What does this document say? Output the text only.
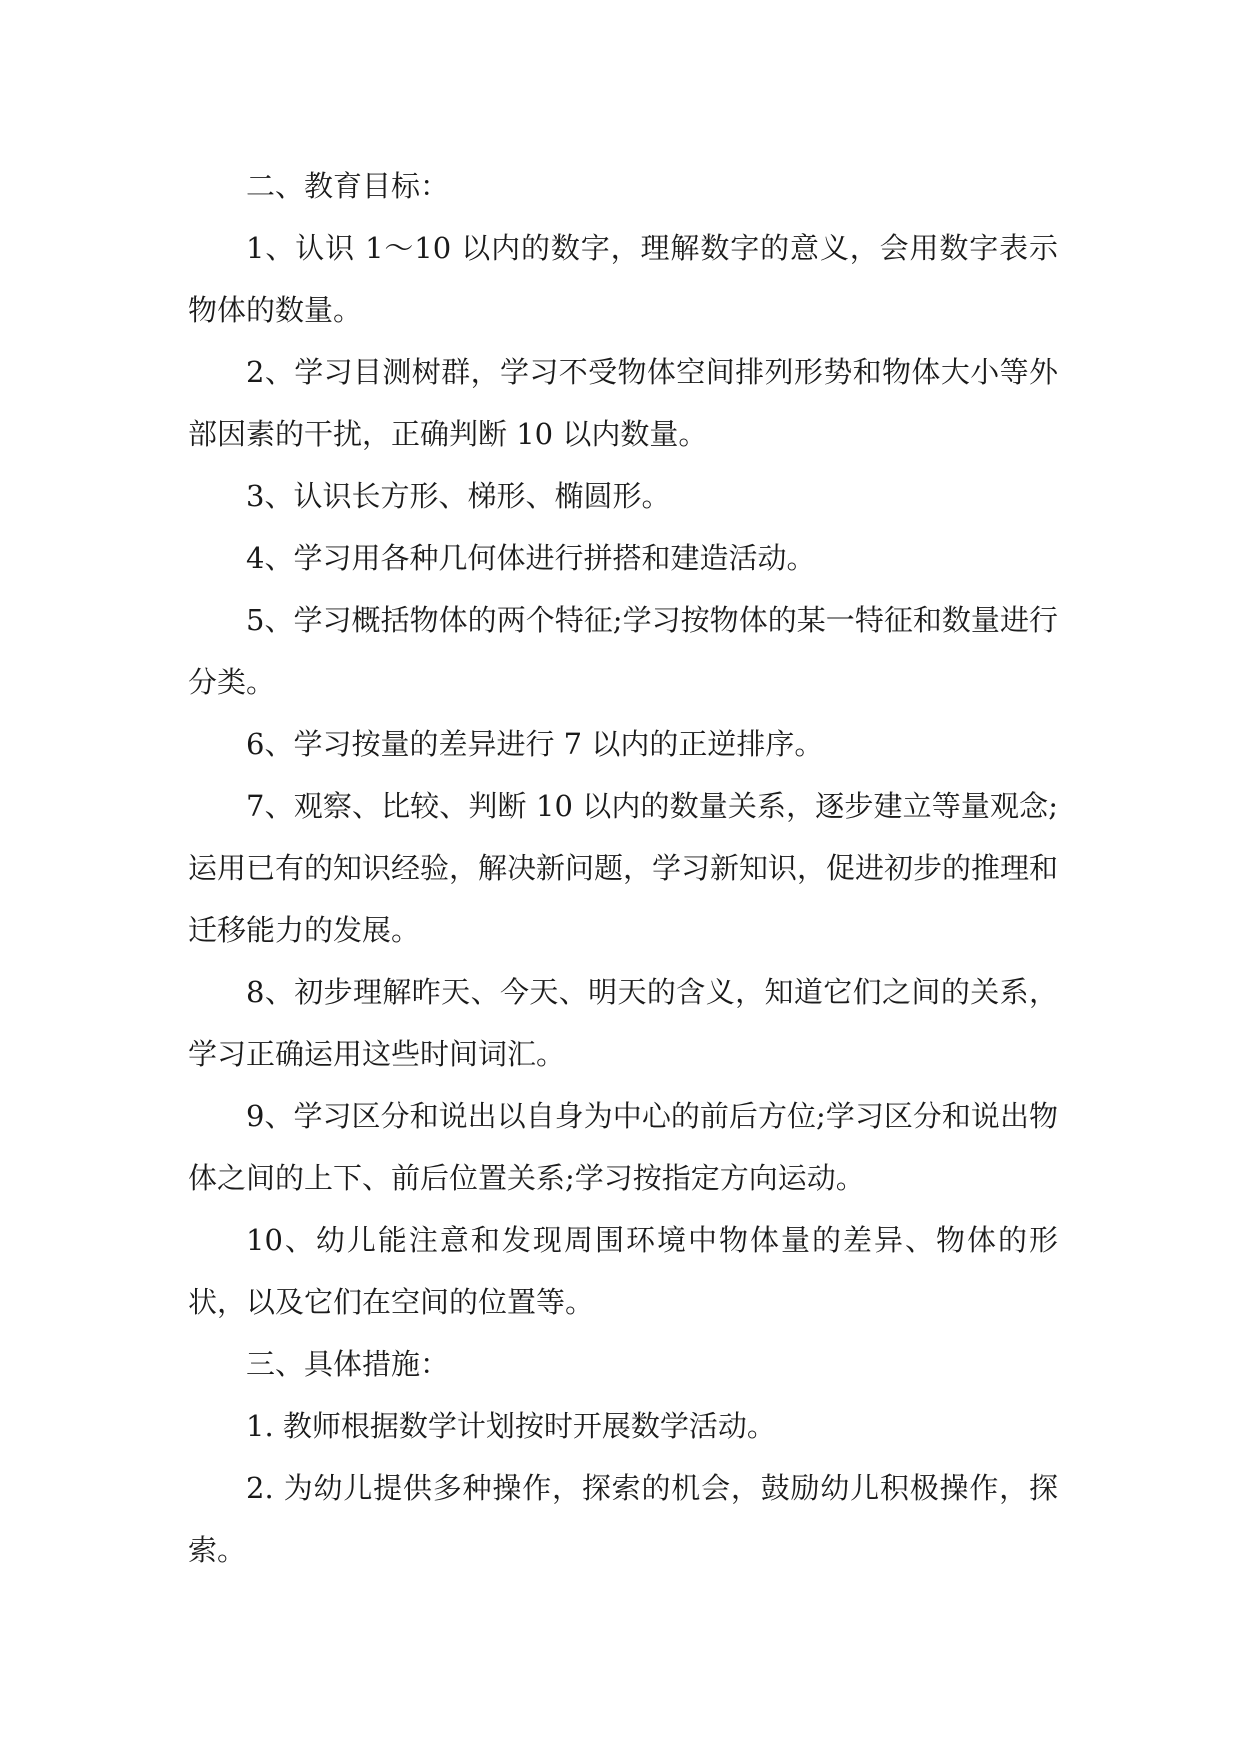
二、教育目标：

1、认识 1～10 以内的数字，理解数字的意义，会用数字表示物体的数量。

2、学习目测树群，学习不受物体空间排列形势和物体大小等外部因素的干扰，正确判断 10 以内数量。

3、认识长方形、梯形、椭圆形。

4、学习用各种几何体进行拼搭和建造活动。

5、学习概括物体的两个特征;学习按物体的某一特征和数量进行分类。

6、学习按量的差异进行 7 以内的正逆排序。

7、观察、比较、判断 10 以内的数量关系，逐步建立等量观念;运用已有的知识经验，解决新问题，学习新知识，促进初步的推理和迁移能力的发展。

8、初步理解昨天、今天、明天的含义，知道它们之间的关系，学习正确运用这些时间词汇。

9、学习区分和说出以自身为中心的前后方位;学习区分和说出物体之间的上下、前后位置关系;学习按指定方向运动。

10、幼儿能注意和发现周围环境中物体量的差异、物体的形状，以及它们在空间的位置等。

三、具体措施：

1. 教师根据数学计划按时开展数学活动。

2. 为幼儿提供多种操作，探索的机会，鼓励幼儿积极操作，探索。
